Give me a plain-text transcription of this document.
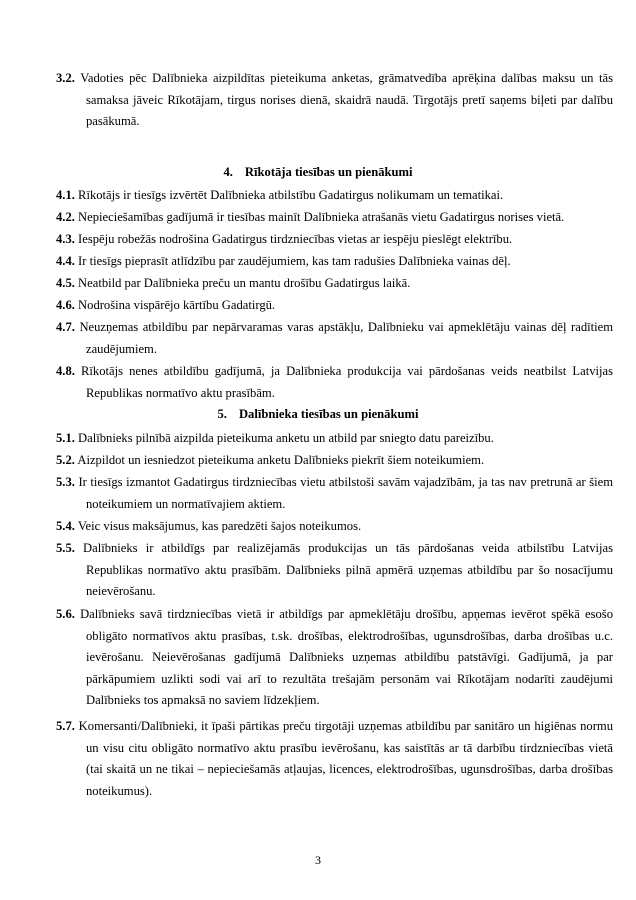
3.2. Vadoties pēc Dalībnieka aizpildītas pieteikuma anketas, grāmatvedība aprēķina dalības maksu un tās samaksa jāveic Rīkotājam, tirgus norises dienā, skaidrā naudā. Tirgotājs pretī saņems biļeti par dalību pasākumā.
4. Rīkotāja tiesības un pienākumi
4.1. Rīkotājs ir tiesīgs izvērtēt Dalībnieka atbilstību Gadatirgus nolikumam un tematikai.
4.2. Nepieciešamības gadījumā ir tiesības mainīt Dalībnieka atrašanās vietu Gadatirgus norises vietā.
4.3. Iespēju robežās nodrošina Gadatirgus tirdzniecības vietas ar iespēju pieslēgt elektrību.
4.4. Ir tiesīgs pieprasīt atlīdzību par zaudējumiem, kas tam radušies Dalībnieka vainas dēļ.
4.5. Neatbild par Dalībnieka preču un mantu drošību Gadatirgus laikā.
4.6. Nodrošina vispārējo kārtību Gadatirgū.
4.7. Neuzņemas atbildību par nepārvaramas varas apstākļu, Dalībnieku vai apmeklētāju vainas dēļ radītiem zaudējumiem.
4.8. Rīkotājs nenes atbildību gadījumā, ja Dalībnieka produkcija vai pārdošanas veids neatbilst Latvijas Republikas normatīvo aktu prasībām.
5. Dalībnieka tiesības un pienākumi
5.1. Dalībnieks pilnībā aizpilda pieteikuma anketu un atbild par sniegto datu pareizību.
5.2. Aizpildot un iesniedzot pieteikuma anketu Dalībnieks piekrīt šiem noteikumiem.
5.3. Ir tiesīgs izmantot Gadatirgus tirdzniecības vietu atbilstoši savām vajadzībām, ja tas nav pretrunā ar šiem noteikumiem un normatīvajiem aktiem.
5.4. Veic visus maksājumus, kas paredzēti šajos noteikumos.
5.5. Dalībnieks ir atbildīgs par realizējamās produkcijas un tās pārdošanas veida atbilstību Latvijas Republikas normatīvo aktu prasībām. Dalībnieks pilnā apmērā uzņemas atbildību par šo nosacījumu neievērošanu.
5.6. Dalībnieks savā tirdzniecības vietā ir atbildīgs par apmeklētāju drošību, apņemas ievērot spēkā esošo obligāto normatīvos aktu prasības, t.sk. drošības, elektrodrošības, ugunsdrošības, darba drošības u.c. ievērošanu. Neievērošanas gadījumā Dalībnieks uzņemas atbildību patstāvīgi. Gadījumā, ja par pārkāpumiem uzlikti sodi vai arī to rezultāta trešajām personām vai Rīkotājam nodarīti zaudējumi Dalībnieks tos apmaksā no saviem līdzekļiem.
5.7. Komersanti/Dalībnieki, it īpaši pārtikas preču tirgotāji uzņemas atbildību par sanitāro un higiēnas normu un visu citu obligāto normatīvo aktu prasību ievērošanu, kas saistītās ar tā darbību tirdzniecības vietā (tai skaitā un ne tikai – nepieciešamās atļaujas, licences, elektrodrošības, ugunsdrošības, darba drošības noteikumus).
3
